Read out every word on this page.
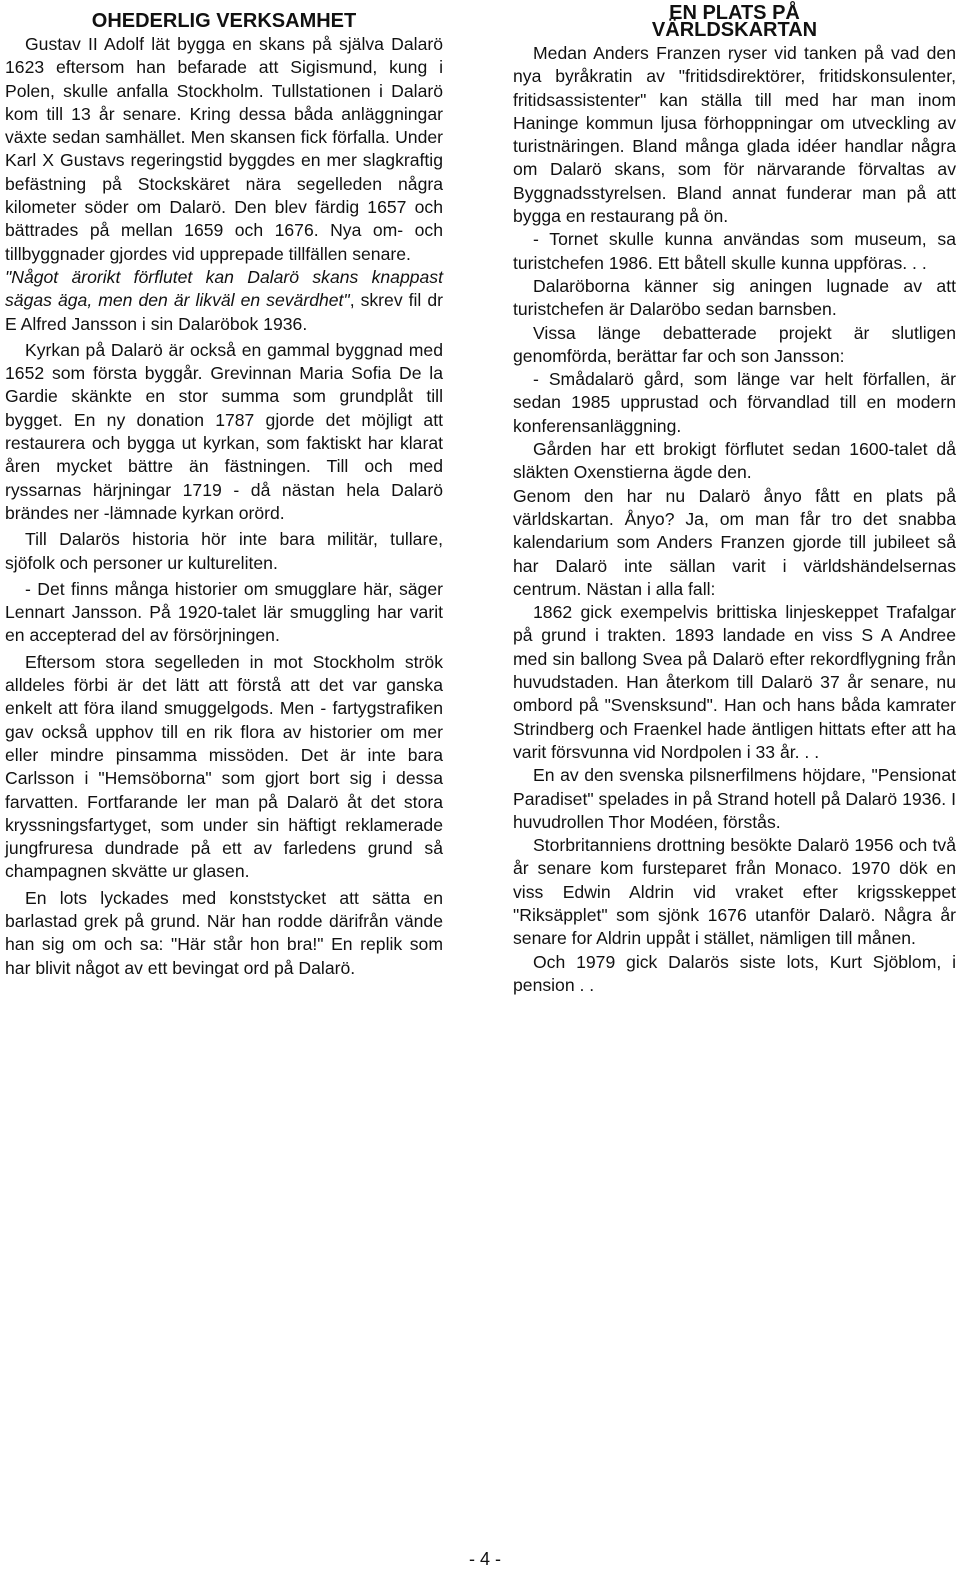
OHEDERLIG VERKSAMHET

Gustav II Adolf lät bygga en skans på själva Dalarö 1623 eftersom han befarade att Sigismund, kung i Polen, skulle anfalla Stockholm. Tullstationen i Dalarö kom till 13 år senare. Kring dessa båda anläggningar växte sedan samhället. Men skansen fick förfalla. Under Karl X Gustavs regeringstid byggdes en mer slagkraftig befästning på Stockskäret nära segelleden några kilometer söder om Dalarö. Den blev färdig 1657 och bättrades på mellan 1659 och 1676. Nya om- och tillbyggnader gjordes vid upprepade tillfällen senare.

"Något ärorikt förflutet kan Dalarö skans knappast sägas äga, men den är likväl en sevärdhet", skrev fil dr E Alfred Jansson i sin Dalaröbok 1936.

Kyrkan på Dalarö är också en gammal byggnad med 1652 som första byggår. Grevinnan Maria Sofia De la Gardie skänkte en stor summa som grundplåt till bygget. En ny donation 1787 gjorde det möjligt att restaurera och bygga ut kyrkan, som faktiskt har klarat åren mycket bättre än fästningen. Till och med ryssarnas härjningar 1719 - då nästan hela Dalarö brändes ner -lämnade kyrkan orörd.

Till Dalarös historia hör inte bara militär, tullare, sjöfolk och personer ur kultureliten.

- Det finns många historier om smugglare här, säger Lennart Jansson. På 1920-talet lär smuggling har varit en accepterad del av försörjningen.

Eftersom stora segelleden in mot Stockholm strök alldeles förbi är det lätt att förstå att det var ganska enkelt att föra iland smuggelgods. Men - fartygstrafiken gav också upphov till en rik flora av historier om mer eller mindre pinsamma missöden. Det är inte bara Carlsson i "Hemsöborna" som gjort bort sig i dessa farvatten. Fortfarande ler man på Dalarö åt det stora kryssningsfartyget, som under sin häftigt reklamerade jungfruresa dundrade på ett av farledens grund så champagnen skvätte ur glasen.

En lots lyckades med konststycket att sätta en barlastad grek på grund. När han rodde därifrån vände han sig om och sa: "Här står hon bra!" En replik som har blivit något av ett bevingat ord på Dalarö.

EN PLATS PÅ

VÄRLDSKARTAN

Medan Anders Franzen ryser vid tanken på vad den nya byråkratin av "fritidsdirektörer, fritidskonsulenter, fritidsassistenter" kan ställa till med har man inom Haninge kommun ljusa förhoppningar om utveckling av turistnäringen. Bland många glada idéer handlar några om Dalarö skans, som för närvarande förvaltas av Byggnadsstyrelsen. Bland annat funderar man på att bygga en restaurang på ön.

- Tornet skulle kunna användas som museum, sa turistchefen 1986. Ett båtell skulle kunna uppföras. . .

Dalaröborna känner sig aningen lugnade av att turistchefen är Dalaröbo sedan barnsben.

Vissa länge debatterade projekt är slutligen genomförda, berättar far och son Jansson:

- Smådalarö gård, som länge var helt förfallen, är sedan 1985 upprustad och förvandlad till en modern konferensanläggning.

Gården har ett brokigt förflutet sedan 1600-talet då släkten Oxenstierna ägde den.

Genom den har nu Dalarö ånyo fått en plats på världskartan. Ånyo? Ja, om man får tro det snabba kalendarium som Anders Franzen gjorde till jubileet så har Dalarö inte sällan varit i världshändelsernas centrum. Nästan i alla fall:

1862 gick exempelvis brittiska linjeskeppet Trafalgar på grund i trakten. 1893 landade en viss S A Andree med sin ballong Svea på Dalarö efter rekordflygning från huvudstaden. Han återkom till Dalarö 37 år senare, nu ombord på "Svensksund". Han och hans båda kamrater Strindberg och Fraenkel hade äntligen hittats efter att ha varit försvunna vid Nordpolen i 33 år. . .

En av den svenska pilsnerfilmens höjdare, "Pensionat Paradiset" spelades in på Strand hotell på Dalarö 1936. I huvudrollen Thor Modéen, förstås.

Storbritanniens drottning besökte Dalarö 1956 och två år senare kom fursteparet från Monaco. 1970 dök en viss Edwin Aldrin vid vraket efter krigsskeppet "Riksäpplet" som sjönk 1676 utanför Dalarö. Några år senare for Aldrin uppåt i stället, nämligen till månen.

Och 1979 gick Dalarös siste lots, Kurt Sjöblom, i pension . .

- 4 -
